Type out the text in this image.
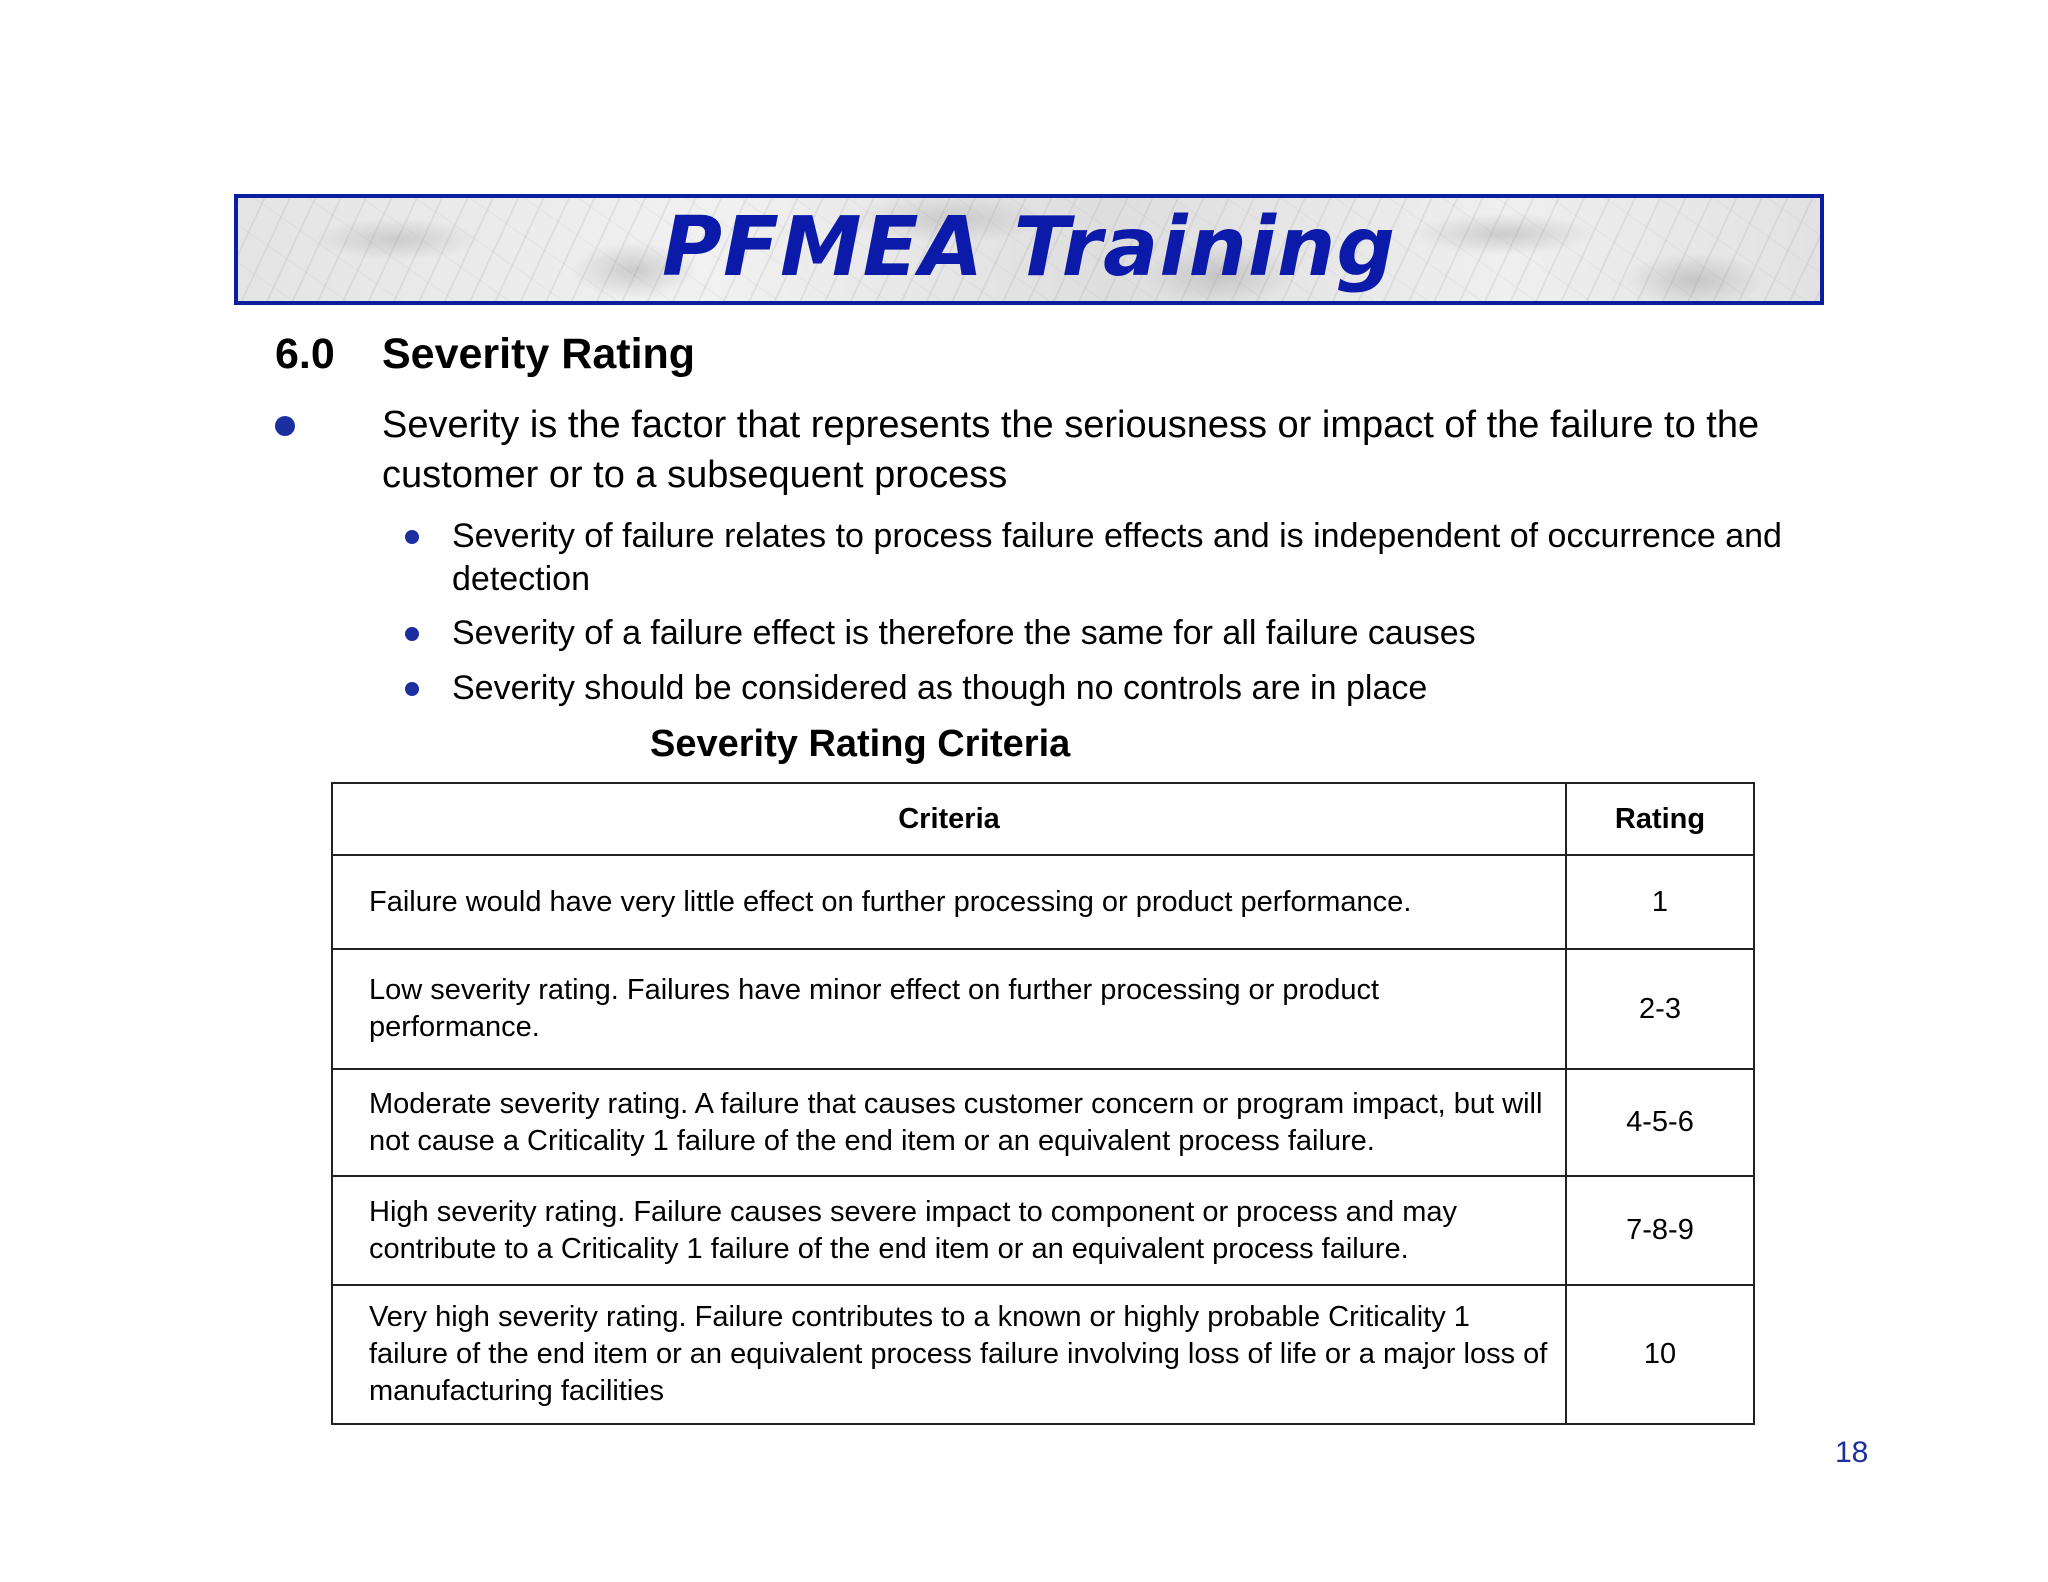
PFMEA Training
6.0 Severity Rating
Severity is the factor that represents the seriousness or impact of the failure to the customer or to a subsequent process
Severity of failure relates to process failure effects and is independent of occurrence and detection
Severity of a failure effect is therefore the same for all failure causes
Severity should be considered as though no controls are in place
Severity Rating Criteria
Criteria	Rating
Failure would have very little effect on further processing or product performance.	1
Low severity rating. Failures have minor effect on further processing or product performance.	2-3
Moderate severity rating. A failure that causes customer concern or program impact, but will not cause a Criticality 1 failure of the end item or an equivalent process failure.	4-5-6
High severity rating. Failure causes severe impact to component or process and may contribute to a Criticality 1 failure of the end item or an equivalent process failure.	7-8-9
Very high severity rating. Failure contributes to a known or highly probable Criticality 1 failure of the end item or an equivalent process failure involving loss of life or a major loss of manufacturing facilities	10
18
